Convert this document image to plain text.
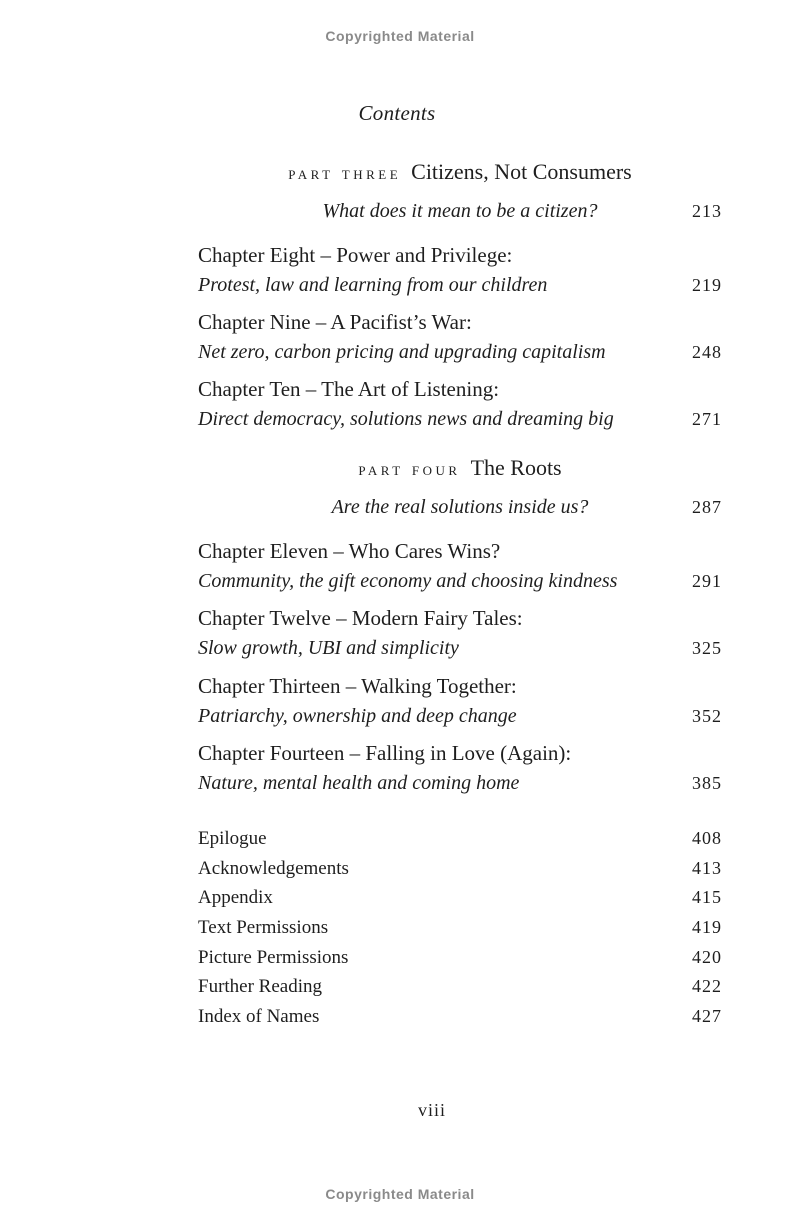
Copyrighted Material
Contents
part three Citizens, Not Consumers
What does it mean to be a citizen?	213
Chapter Eight – Power and Privilege:
Protest, law and learning from our children	219
Chapter Nine – A Pacifist’s War:
Net zero, carbon pricing and upgrading capitalism	248
Chapter Ten – The Art of Listening:
Direct democracy, solutions news and dreaming big	271
part four The Roots
Are the real solutions inside us?	287
Chapter Eleven – Who Cares Wins?
Community, the gift economy and choosing kindness	291
Chapter Twelve – Modern Fairy Tales:
Slow growth, UBI and simplicity	325
Chapter Thirteen – Walking Together:
Patriarchy, ownership and deep change	352
Chapter Fourteen – Falling in Love (Again):
Nature, mental health and coming home	385
Epilogue	408
Acknowledgements	413
Appendix	415
Text Permissions	419
Picture Permissions	420
Further Reading	422
Index of Names	427
viii
Copyrighted Material
